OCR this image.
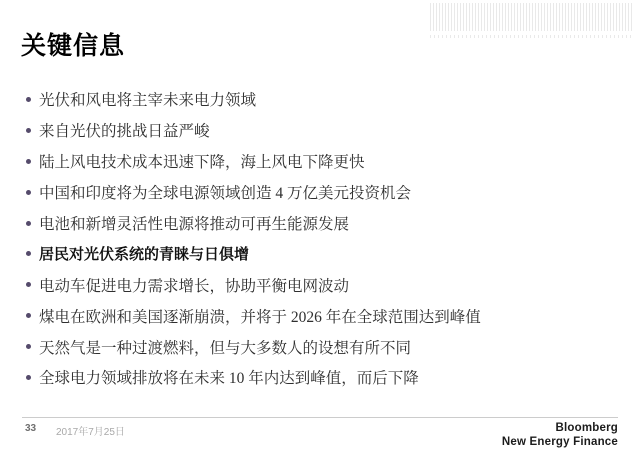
关键信息
光伏和风电将主宰未来电力领域
来自光伏的挑战日益严峻
陆上风电技术成本迅速下降，海上风电下降更快
中国和印度将为全球电源领域创造 4 万亿美元投资机会
电池和新增灵活性电源将推动可再生能源发展
居民对光伏系统的青睐与日俱增
电动车促进电力需求增长，协助平衡电网波动
煤电在欧洲和美国逐渐崩溃，并将于 2026 年在全球范围达到峰值
天然气是一种过渡燃料，但与大多数人的设想有所不同
全球电力领域排放将在未来 10 年内达到峰值，而后下降
33 2017年7月25日	Bloomberg
New Energy Finance
